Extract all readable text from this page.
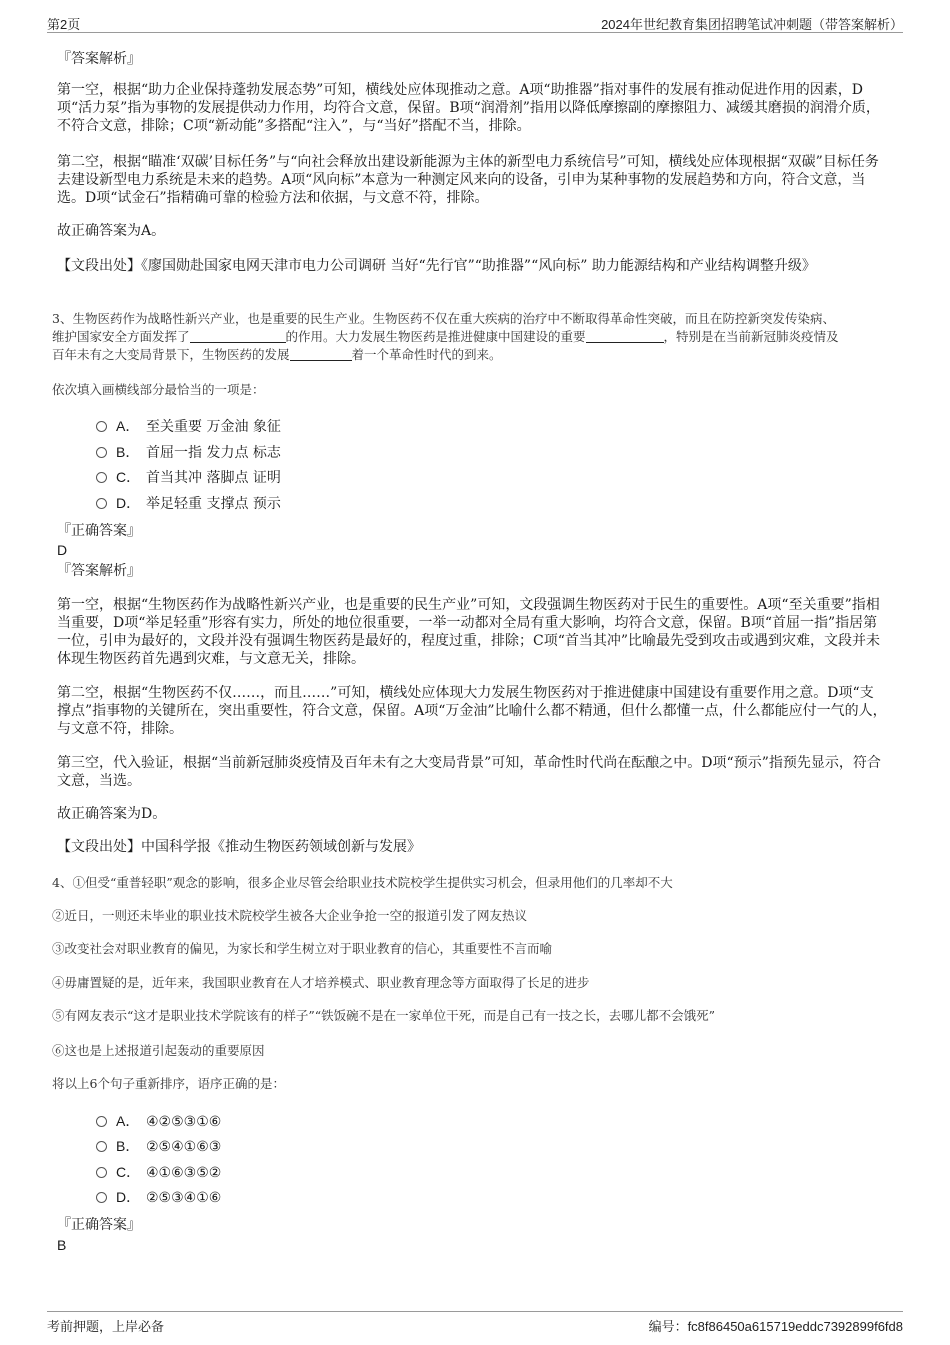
第2页	2024年世纪教育集团招聘笔试冲刺题（带答案解析）
『答案解析』
第一空，根据“助力企业保持蓬勃发展态势”可知，横线处应体现推动之意。A项“助推器”指对事件的发展有推动促进作用的因素，D项“活力泵”指为事物的发展提供动力作用，均符合文意，保留。B项“润滑剂”指用以降低摩擦副的摩擦阻力、减缓其磨损的润滑介质，不符合文意，排除；C项“新动能”多搭配“注入”，与“当好”搭配不当，排除。
第二空，根据“瞄准‘双碳’目标任务”与“向社会释放出建设新能源为主体的新型电力系统信号”可知，横线处应体现根据“双碳”目标任务去建设新型电力系统是未来的趋势。A项“风向标”本意为一种测定风来向的设备，引申为某种事物的发展趋势和方向，符合文意，当选。D项“试金石”指精确可靠的检验方法和依据，与文意不符，排除。
故正确答案为A。
【文段出处】《廖国勋赴国家电网天津市电力公司调研 当好“先行官”“助推器”“风向标” 助力能源结构和产业结构调整升级》
3、生物医药作为战略性新兴产业，也是重要的民生产业。生物医药不仅在重大疾病的治疗中不断取得革命性突破，而且在防控新突发传染病、
维护国家安全方面发挥了	的作用。大力发展生物医药是推进健康中国建设的重要	，特别是在当前新冠肺炎疫情及
百年未有之大变局背景下，生物医药的发展	着一个革命性时代的到来。
依次填入画横线部分最恰当的一项是：
A． 至关重要 万金油 象征
B． 首屈一指 发力点 标志
C． 首当其冲 落脚点 证明
D． 举足轻重 支撑点 预示
『正确答案』
D
『答案解析』
第一空，根据“生物医药作为战略性新兴产业，也是重要的民生产业”可知，文段强调生物医药对于民生的重要性。A项“至关重要”指相当重要，D项“举足轻重”形容有实力，所处的地位很重要，一举一动都对全局有重大影响，均符合文意，保留。B项“首屈一指”指居第一位，引申为最好的，文段并没有强调生物医药是最好的，程度过重，排除；C项“首当其冲”比喻最先受到攻击或遇到灾难，文段并未体现生物医药首先遇到灾难，与文意无关，排除。
第二空，根据“生物医药不仅……，而且……”可知，横线处应体现大力发展生物医药对于推进健康中国建设有重要作用之意。D项“支撑点”指事物的关键所在，突出重要性，符合文意，保留。A项“万金油”比喻什么都不精通，但什么都懂一点，什么都能应付一气的人，与文意不符，排除。
第三空，代入验证，根据“当前新冠肺炎疫情及百年未有之大变局背景”可知，革命性时代尚在酝酿之中。D项“预示”指预先显示，符合文意，当选。
故正确答案为D。
【文段出处】中国科学报《推动生物医药领域创新与发展》
4、①但受“重普轻职”观念的影响，很多企业尽管会给职业技术院校学生提供实习机会，但录用他们的几率却不大
②近日，一则还未毕业的职业技术院校学生被各大企业争抢一空的报道引发了网友热议
③改变社会对职业教育的偏见，为家长和学生树立对于职业教育的信心，其重要性不言而喻
④毋庸置疑的是，近年来，我国职业教育在人才培养模式、职业教育理念等方面取得了长足的进步
⑤有网友表示“这才是职业技术学院该有的样子”“铁饭碗不是在一家单位干死，而是自己有一技之长，去哪儿都不会饿死”
⑥这也是上述报道引起轰动的重要原因
将以上6个句子重新排序，语序正确的是：
A． ④②⑤③①⑥
B． ②⑤④①⑥③
C． ④①⑥③⑤②
D． ②⑤③④①⑥
『正确答案』
B
考前押题，上岸必备	编号：fc8f86450a615719eddc7392899f6fd8
